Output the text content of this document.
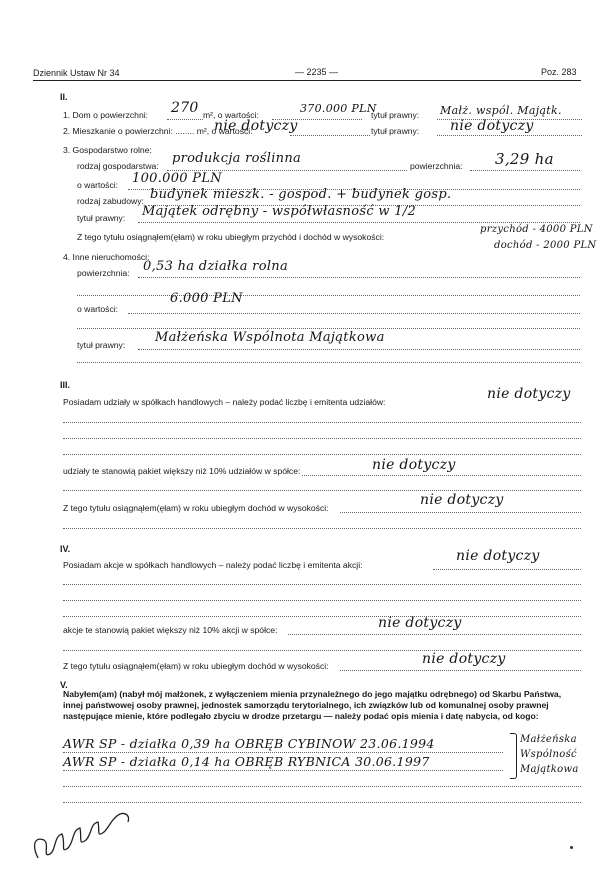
Dziennik Ustaw Nr 34	— 2235 —	Poz. 283
II.
1. Dom o powierzchni: 270 m², o wartości:	370.000 PLN
tytuł prawny: Małż. wspól. Majątk.
2. Mieszkanie o powierzchni: ........ m², o wartości:
nie dotyczy	tytuł prawny: nie dotyczy
3. Gospodarstwo rolne:
rodzaj gospodarstwa: produkcja roślinna	powierzchnia: 3,29 ha
o wartości: 100.000 PLN
rodzaj zabudowy: budynek mieszk. - gospod. + budynek gosp.
tytuł prawny: Majątek odrębny - współwłasność w 1/2
Z tego tytułu osiągnąłem(ęłam) w roku ubiegłym przychód i dochód w wysokości:
przychód - 4000 PLN
dochód - 2000 PLN
4. Inne nieruchomości:
powierzchnia: 0,53 ha działka rolna
o wartości:
6.000 PLN
tytuł prawny: Małżeńska Wspólnota Majątkowa
III.
Posiadam udziały w spółkach handlowych – należy podać liczbę i emitenta udziałów:	nie dotyczy
udziały te stanowią pakiet większy niż 10% udziałów w spółce:	nie dotyczy
Z tego tytułu osiągnąłem(ęłam) w roku ubiegłym dochód w wysokości:	nie dotyczy
IV.
Posiadam akcje w spółkach handlowych – należy podać liczbę i emitenta akcji:
nie dotyczy
akcje te stanowią pakiet większy niż 10% akcji w spółce:	nie dotyczy
Z tego tytułu osiągnąłem(ęłam) w roku ubiegłym dochód w wysokości:	nie dotyczy
V.
Nabyłem(am) (nabył mój małżonek, z wyłączeniem mienia przynależnego do jego majątku odrębnego) od Skarbu Państwa, innej państwowej osoby prawnej, jednostek samorządu terytorialnego, ich związków lub od komunalnej osoby prawnej następujące mienie, które podlegało zbyciu w drodze przetargu — należy podać opis mienia i datę nabycia, od kogo:
AWR SP - działka 0,39 ha OBRĘB CYBINOW 23.06.1994
AWR SP - działka 0,14 ha OBRĘB RYBNICA 30.06.1997
Małżeńska Wspólność Majątkowa
